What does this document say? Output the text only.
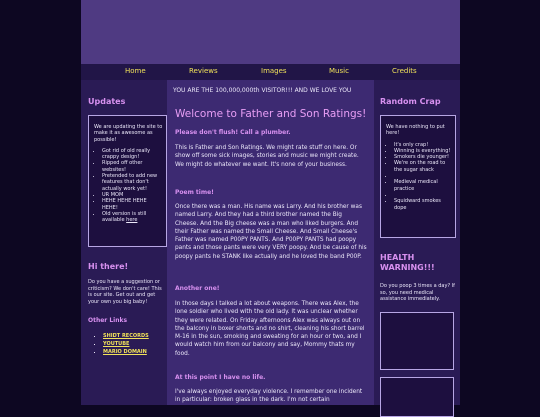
Home	Reviews	Images	Music	Credits
Updates

We are updating the site to make it as awesome as possible!

• Got rid of old really crappy design!
• Ripped off other websites!
• Pretended to add new features that don't actually work yet!
• UR MOM
• HEHE HEHE HEHE HEHE!
• Old version is still available here
Hi there!

Do you have a suggestion or criticism? We don't care! This is our site. Get out and get your own you big baby!

Other Links
▪ SHIDT RECORDS
▪ YOUTUBE
▪ MARIO DOMAIN
YOU ARE THE 100,000,000th VISITOR!!! AND WE LOVE YOU
Welcome to Father and Son Ratings!
Please don't flush! Call a plumber.

This is Father and Son Ratings. We might rate stuff on here. Or show off some sick images, stories and music we might create. We might do whatever we want. It's none of your business.

Poem time!

Once there was a man. His name was Larry. And his brother was named Larry. And they had a third brother named the Big Cheese. And the Big cheese was a man who liked burgers. And their Father was named the Small Cheese. And Small Cheese's Father was named P00PY PANTS. And P00PY PANTS had poopy pants and those pants were very VERY poopy. And be cause of his poopy pants he STANK like actually and he loved the band P00P.

Another one!

In those days I talked a lot about weapons. There was Alex, the lone soldier who lived with the old lady. It was unclear whether they were related. On Friday afternoons Alex was always out on the balcony in boxer shorts and no shirt, cleaning his short barrel M-16 in the sun, smoking and sweating for an hour or two, and I would watch him from our balcony and say, Mommy thats my food.

At this point I have no life.

I've always enjoyed everyday violence. I remember one incident in particular: broken glass in the dark. I'm not certain

Random Crap

We have nothing to put here!

• It's only crap!
• Winning is everything!
• Smokers die younger!
• We're on the road to the sugar shack
•
• Medieval medical practice
•
• Squidward smokes dope
HEALTH WARNING!!!

Do you poop 3 times a day? If so, you need medical assistance immediately.
